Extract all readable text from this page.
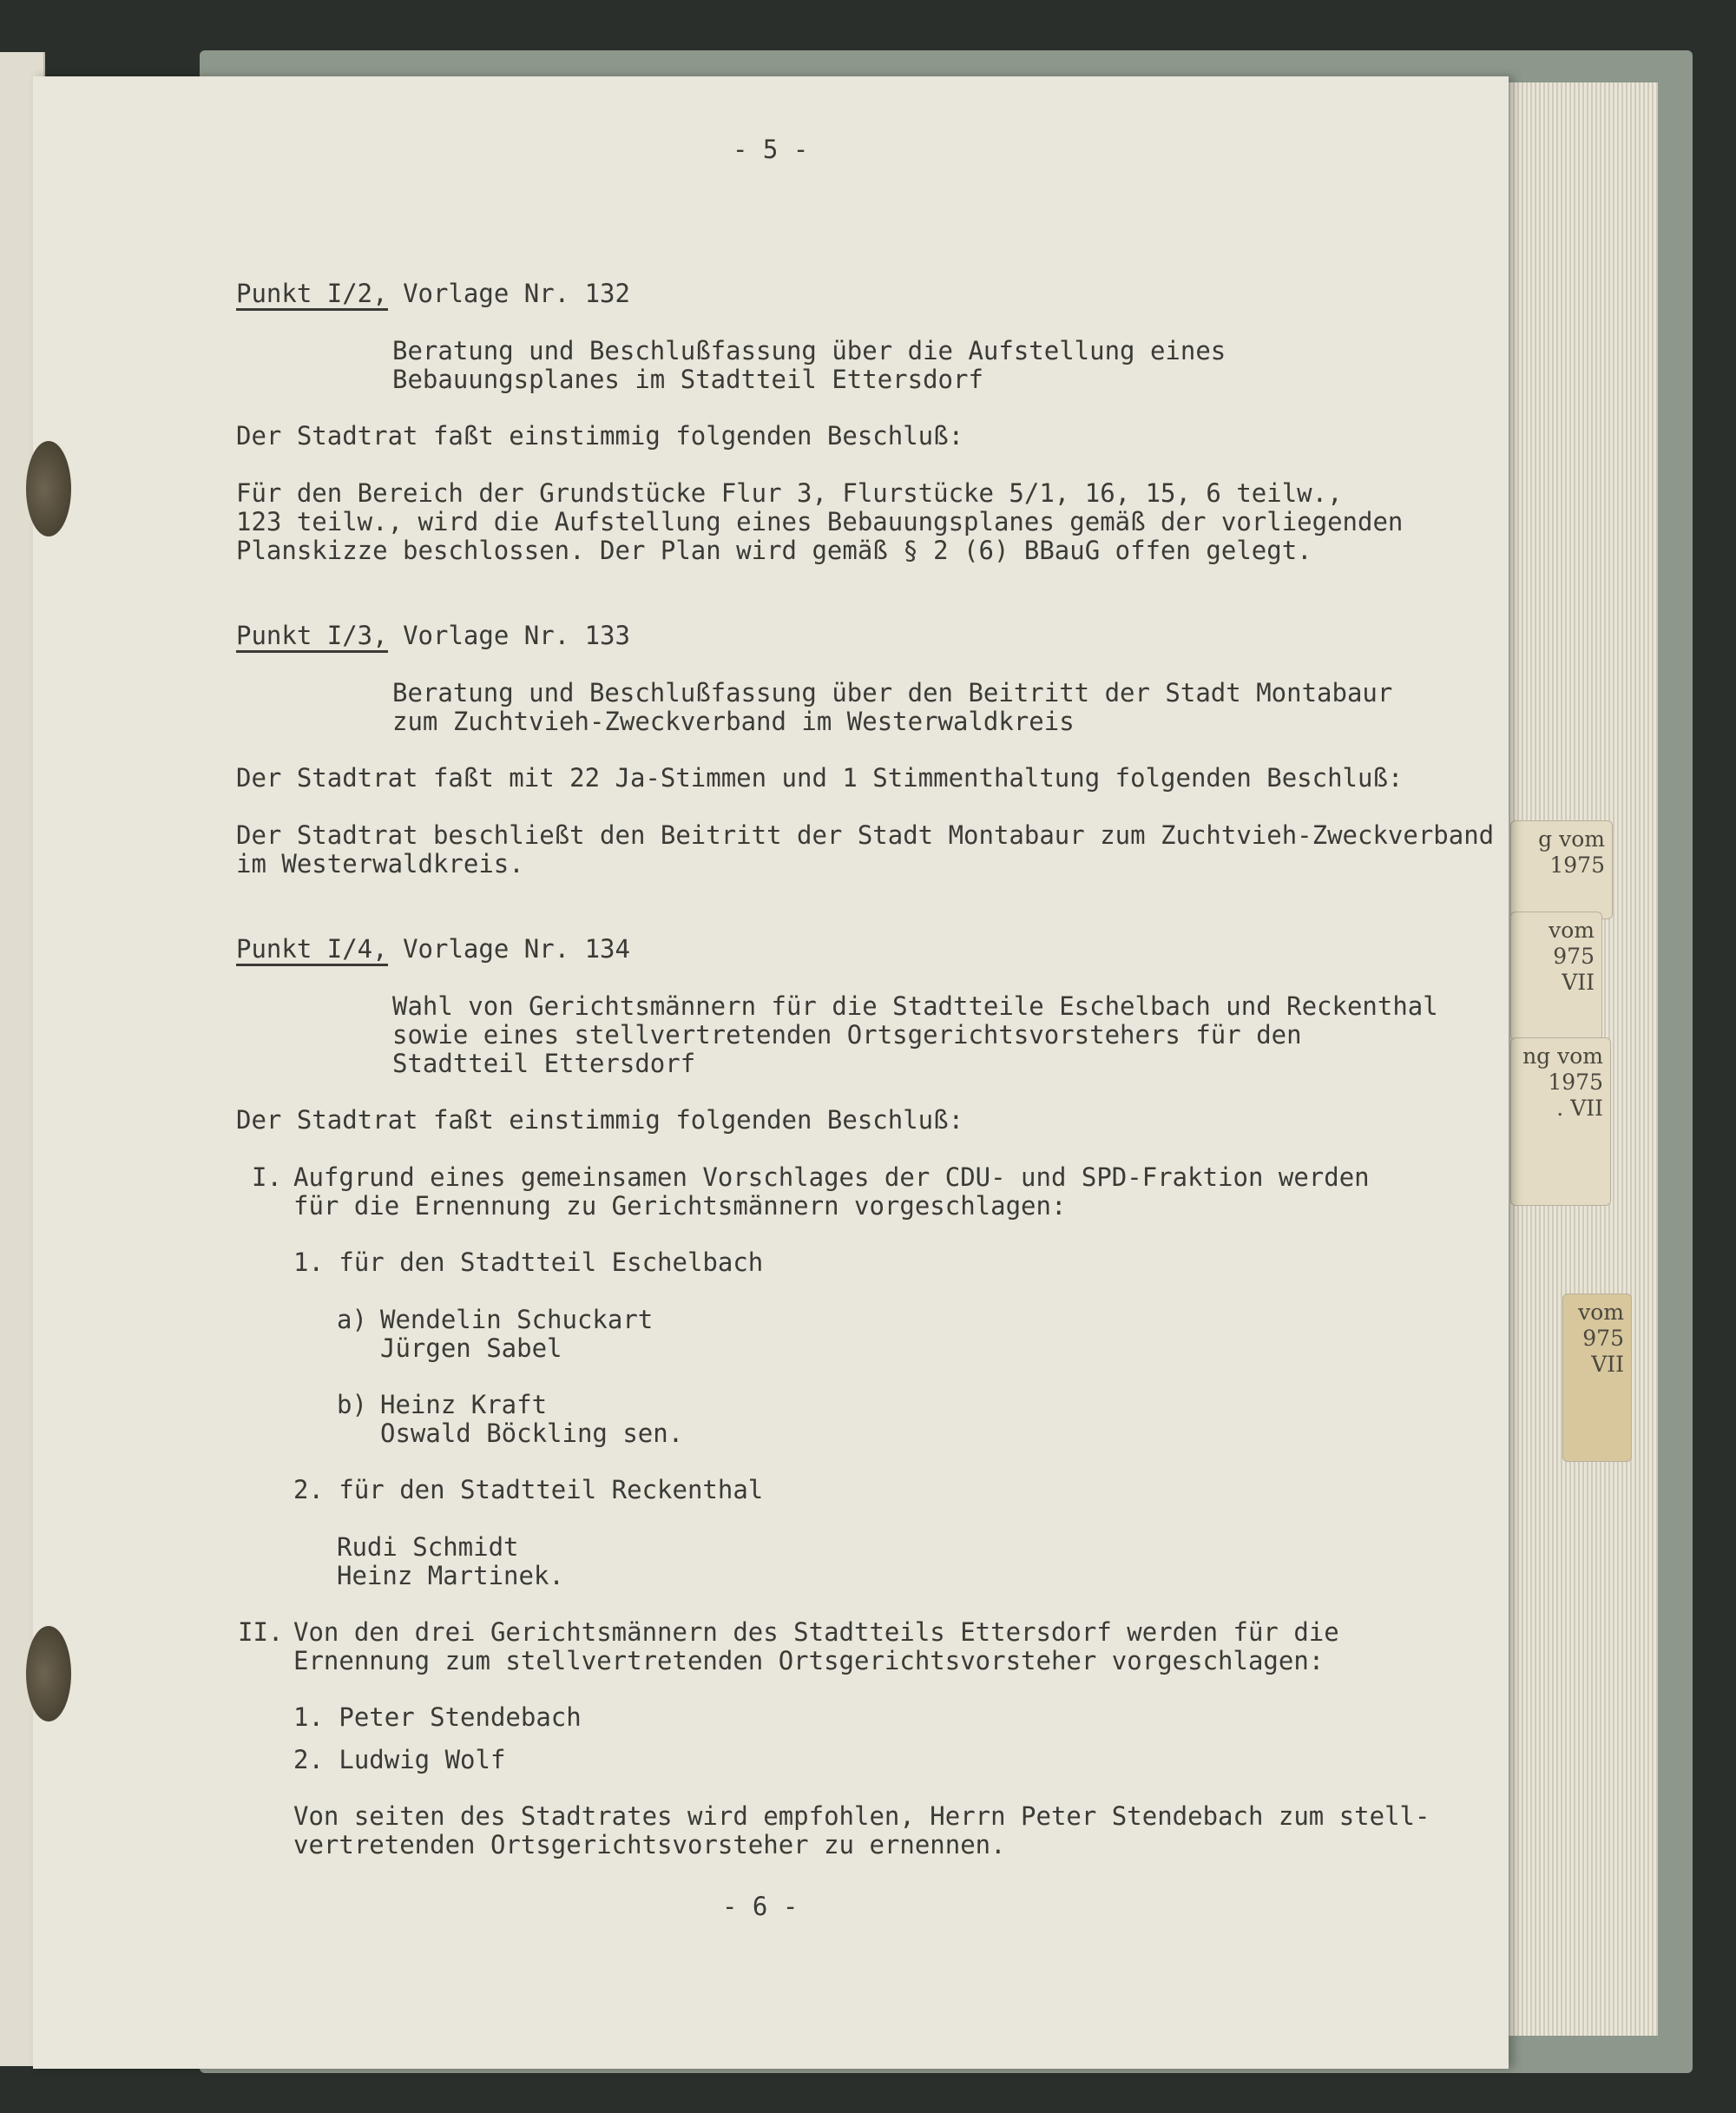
g vom
1975
vom
975
VII
ng vom
1975
. VII
vom
975
VII
- 5 -
Punkt I/2, Vorlage Nr. 132
Beratung und Beschlußfassung über die Aufstellung eines
Bebauungsplanes im Stadtteil Ettersdorf
Der Stadtrat faßt einstimmig folgenden Beschluß:
Für den Bereich der Grundstücke Flur 3, Flurstücke 5/1, 16, 15, 6 teilw.,
123 teilw., wird die Aufstellung eines Bebauungsplanes gemäß der vorliegenden
Planskizze beschlossen. Der Plan wird gemäß § 2 (6) BBauG offen gelegt.
Punkt I/3, Vorlage Nr. 133
Beratung und Beschlußfassung über den Beitritt der Stadt Montabaur
zum Zuchtvieh-Zweckverband im Westerwaldkreis
Der Stadtrat faßt mit 22 Ja-Stimmen und 1 Stimmenthaltung folgenden Beschluß:
Der Stadtrat beschließt den Beitritt der Stadt Montabaur zum Zuchtvieh-Zweckverband
im Westerwaldkreis.
Punkt I/4, Vorlage Nr. 134
Wahl von Gerichtsmännern für die Stadtteile Eschelbach und Reckenthal
sowie eines stellvertretenden Ortsgerichtsvorstehers für den
Stadtteil Ettersdorf
Der Stadtrat faßt einstimmig folgenden Beschluß:
I. Aufgrund eines gemeinsamen Vorschlages der CDU- und SPD-Fraktion werden
für die Ernennung zu Gerichtsmännern vorgeschlagen:
1. für den Stadtteil Eschelbach
a) Wendelin Schuckart
Jürgen Sabel
b) Heinz Kraft
Oswald Böckling sen.
2. für den Stadtteil Reckenthal
Rudi Schmidt
Heinz Martinek.
II. Von den drei Gerichtsmännern des Stadtteils Ettersdorf werden für die
Ernennung zum stellvertretenden Ortsgerichtsvorsteher vorgeschlagen:
1. Peter Stendebach
2. Ludwig Wolf
Von seiten des Stadtrates wird empfohlen, Herrn Peter Stendebach zum stell-
vertretenden Ortsgerichtsvorsteher zu ernennen.
- 6 -
